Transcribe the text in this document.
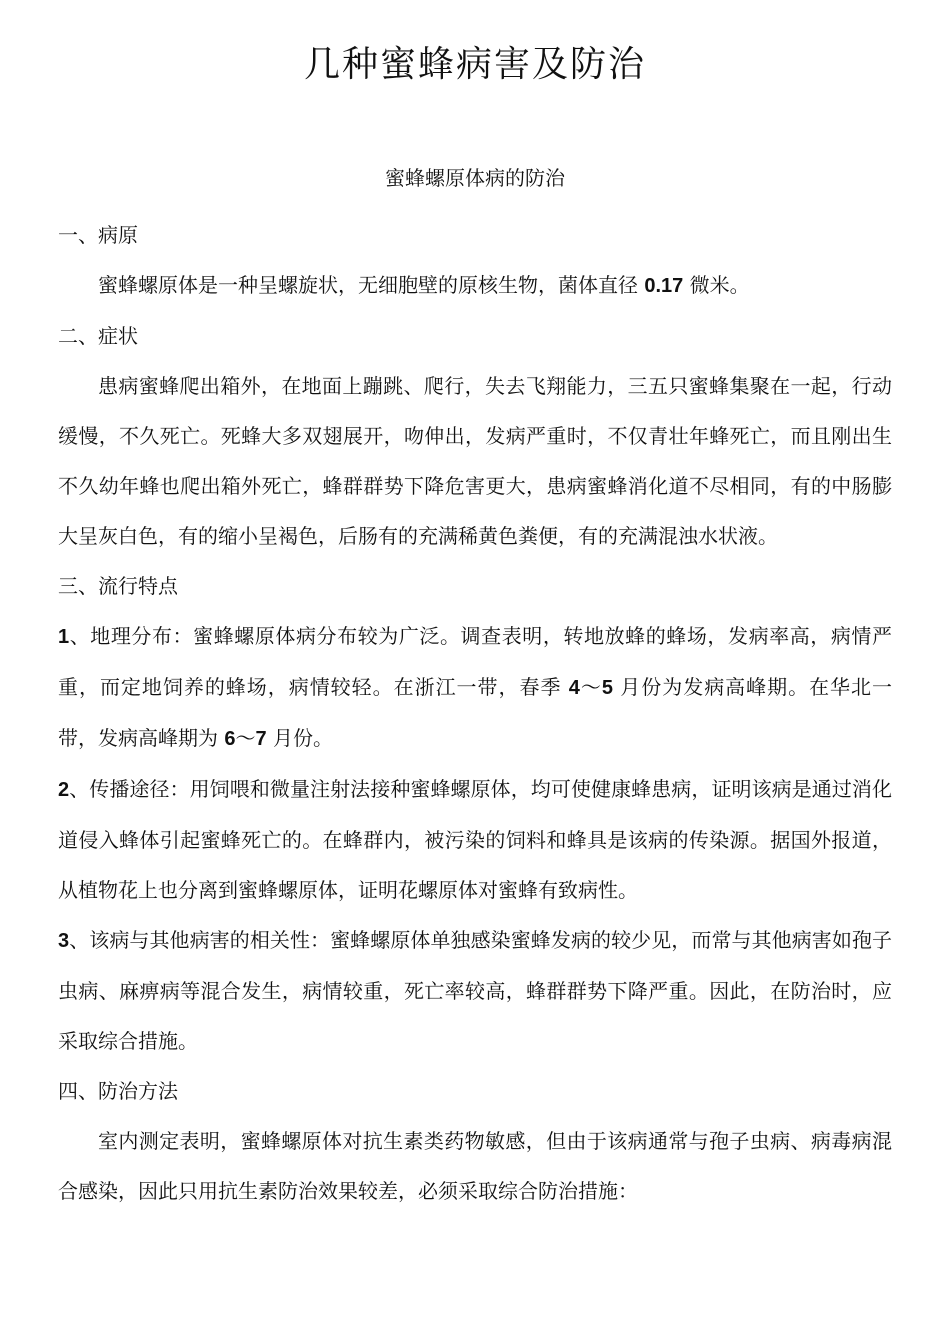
几种蜜蜂病害及防治
蜜蜂螺原体病的防治

一、病原

蜜蜂螺原体是一种呈螺旋状，无细胞壁的原核生物，菌体直径 0.17 微米。

二、症状

患病蜜蜂爬出箱外，在地面上蹦跳、爬行，失去飞翔能力，三五只蜜蜂集聚在一起，行动缓慢，不久死亡。死蜂大多双翅展开，吻伸出，发病严重时，不仅青壮年蜂死亡，而且刚出生不久幼年蜂也爬出箱外死亡，蜂群群势下降危害更大，患病蜜蜂消化道不尽相同，有的中肠膨大呈灰白色，有的缩小呈褐色，后肠有的充满稀黄色粪便，有的充满混浊水状液。

三、流行特点

1、地理分布：蜜蜂螺原体病分布较为广泛。调查表明，转地放蜂的蜂场，发病率高，病情严重，而定地饲养的蜂场，病情较轻。在浙江一带，春季 4～5 月份为发病高峰期。在华北一带，发病高峰期为 6～7 月份。

2、传播途径：用饲喂和微量注射法接种蜜蜂螺原体，均可使健康蜂患病，证明该病是通过消化道侵入蜂体引起蜜蜂死亡的。在蜂群内，被污染的饲料和蜂具是该病的传染源。据国外报道，从植物花上也分离到蜜蜂螺原体，证明花螺原体对蜜蜂有致病性。

3、该病与其他病害的相关性：蜜蜂螺原体单独感染蜜蜂发病的较少见，而常与其他病害如孢子虫病、麻痹病等混合发生，病情较重，死亡率较高，蜂群群势下降严重。因此，在防治时，应采取综合措施。

四、防治方法

室内测定表明，蜜蜂螺原体对抗生素类药物敏感，但由于该病通常与孢子虫病、病毒病混合感染，因此只用抗生素防治效果较差，必须采取综合防治措施：
